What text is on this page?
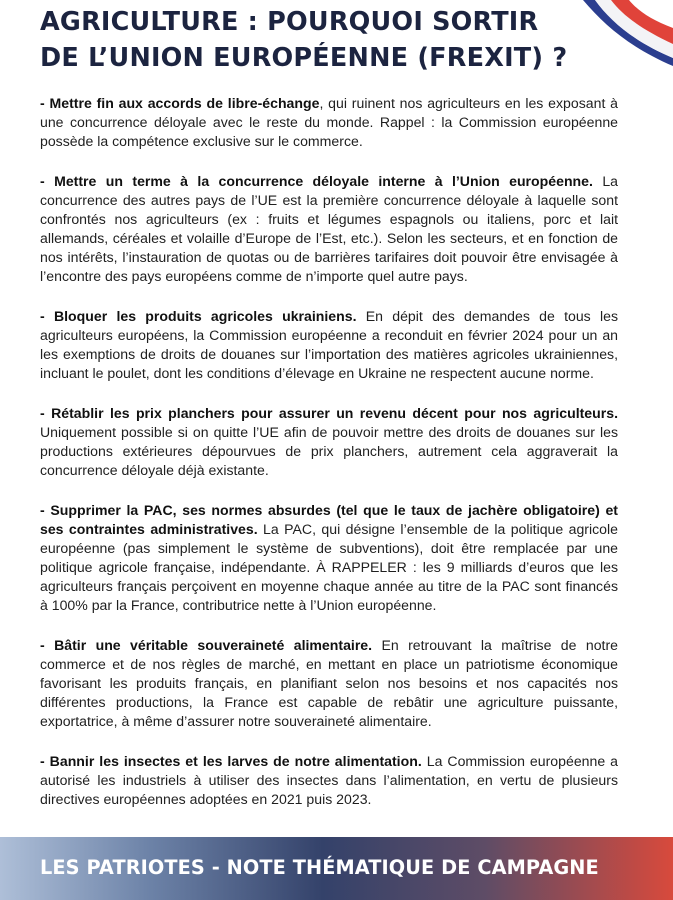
AGRICULTURE : POURQUOI SORTIR
DE L’UNION EUROPÉENNE (FREXIT) ?

- Mettre fin aux accords de libre-échange, qui ruinent nos agriculteurs en les exposant à une concurrence déloyale avec le reste du monde. Rappel : la Commission européenne possède la compétence exclusive sur le commerce.

- Mettre un terme à la concurrence déloyale interne à l’Union européenne. La concurrence des autres pays de l’UE est la première concurrence déloyale à laquelle sont confrontés nos agriculteurs (ex : fruits et légumes espagnols ou italiens, porc et lait allemands, céréales et volaille d’Europe de l’Est, etc.). Selon les secteurs, et en fonction de nos intérêts, l’instauration de quotas ou de barrières tarifaires doit pouvoir être envisagée à l’encontre des pays européens comme de n’importe quel autre pays.

- Bloquer les produits agricoles ukrainiens. En dépit des demandes de tous les agriculteurs européens, la Commission européenne a reconduit en février 2024 pour un an les exemptions de droits de douanes sur l’importation des matières agricoles ukrainiennes, incluant le poulet, dont les conditions d’élevage en Ukraine ne respectent aucune norme.

- Rétablir les prix planchers pour assurer un revenu décent pour nos agriculteurs. Uniquement possible si on quitte l’UE afin de pouvoir mettre des droits de douanes sur les productions extérieures dépourvues de prix planchers, autrement cela aggraverait la concurrence déloyale déjà existante.

- Supprimer la PAC, ses normes absurdes (tel que le taux de jachère obligatoire) et ses contraintes administratives. La PAC, qui désigne l’ensemble de la politique agricole européenne (pas simplement le système de subventions), doit être remplacée par une politique agricole française, indépendante. À RAPPELER : les 9 milliards d’euros que les agriculteurs français perçoivent en moyenne chaque année au titre de la PAC sont financés à 100% par la France, contributrice nette à l’Union européenne.

- Bâtir une véritable souveraineté alimentaire. En retrouvant la maîtrise de notre commerce et de nos règles de marché, en mettant en place un patriotisme économique favorisant les produits français, en planifiant selon nos besoins et nos capacités nos différentes productions, la France est capable de rebâtir une agriculture puissante, exportatrice, à même d’assurer notre souveraineté alimentaire.

- Bannir les insectes et les larves de notre alimentation. La Commission européenne a autorisé les industriels à utiliser des insectes dans l’alimentation, en vertu de plusieurs directives européennes adoptées en 2021 puis 2023.

LES PATRIOTES - NOTE THÉMATIQUE DE CAMPAGNE
